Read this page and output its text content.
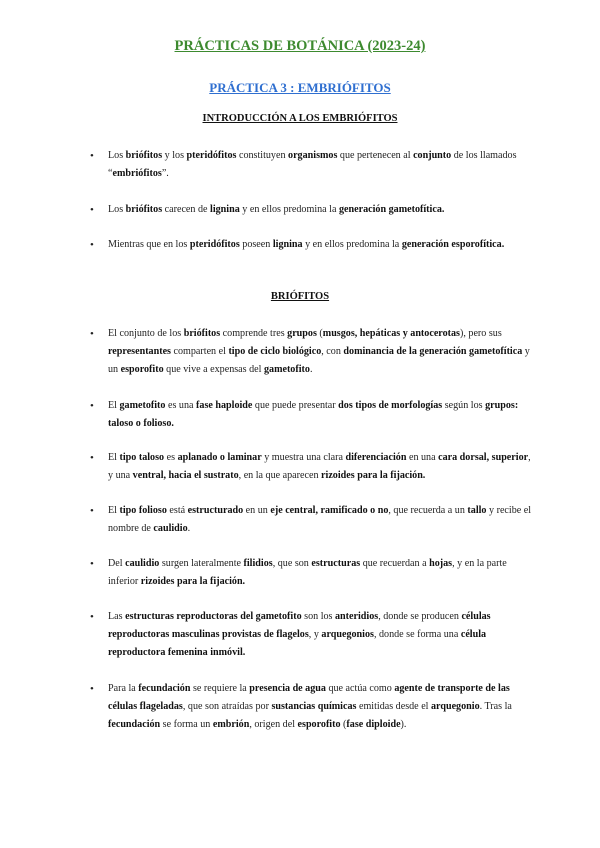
PRÁCTICAS DE BOTÁNICA (2023-24)
PRÁCTICA 3 : EMBRIÓFITOS
INTRODUCCIÓN A LOS EMBRIÓFITOS
• Los briófitos y los pteridófitos constituyen organismos que pertenecen al conjunto de los llamados “embriófitos”.
• Los briófitos carecen de lignina y en ellos predomina la generación gametofítica.
• Mientras que en los pteridófitos poseen lignina y en ellos predomina la generación esporofítica.
BRIÓFITOS
• El conjunto de los briófitos comprende tres grupos (musgos, hepáticas y antocerotas), pero sus representantes comparten el tipo de ciclo biológico, con dominancia de la generación gametofítica y un esporofito que vive a expensas del gametofito.
• El gametofito es una fase haploide que puede presentar dos tipos de morfologías según los grupos: taloso o folioso.
• El tipo taloso es aplanado o laminar y muestra una clara diferenciación en una cara dorsal, superior, y una ventral, hacia el sustrato, en la que aparecen rizoides para la fijación.
• El tipo folioso está estructurado en un eje central, ramificado o no, que recuerda a un tallo y recibe el nombre de caulidio.
• Del caulidio surgen lateralmente filidios, que son estructuras que recuerdan a hojas, y en la parte inferior rizoides para la fijación.
• Las estructuras reproductoras del gametofito son los anteridios, donde se producen células reproductoras masculinas provistas de flagelos, y arquegonios, donde se forma una célula reproductora femenina inmóvil.
• Para la fecundación se requiere la presencia de agua que actúa como agente de transporte de las células flageladas, que son atraídas por sustancias químicas emitidas desde el arquegonio. Tras la fecundación se forma un embrión, origen del esporofito (fase diploide).
